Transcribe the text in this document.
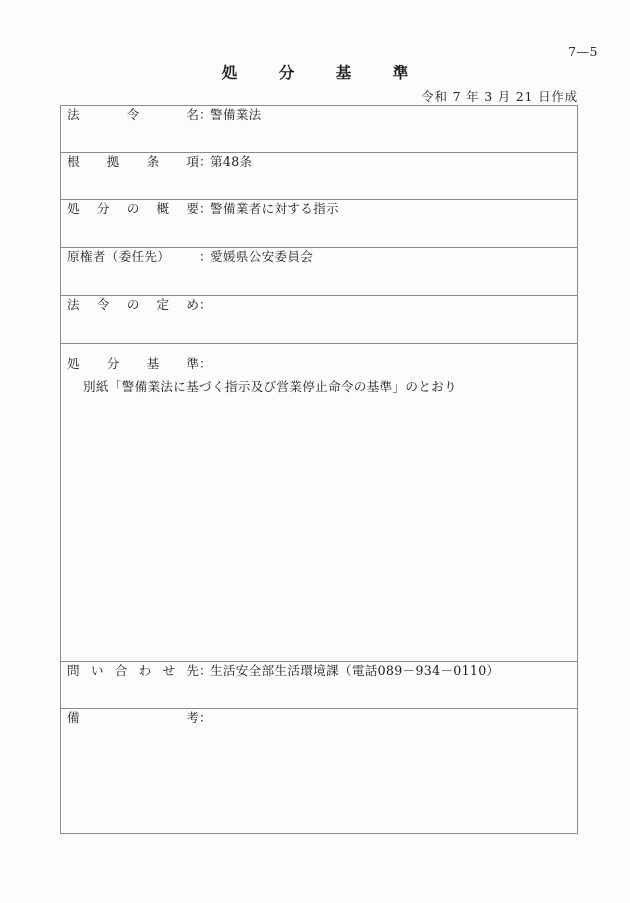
7—5
処　分　基　準
令和 7 年 3 月 21 日作成
法令名 ：
警備業法

根拠条項 ：
第48条

処分の概要 ：
警備業者に対する指示

原権者（委任先）	：
愛媛県公安委員会

法令の定め ：

処分基準 ：
別紙「警備業法に基づく指示及び営業停止命令の基準」のとおり

問い合わせ先 ：
生活安全部生活環境課（電話089－934－0110）

備考 ：
